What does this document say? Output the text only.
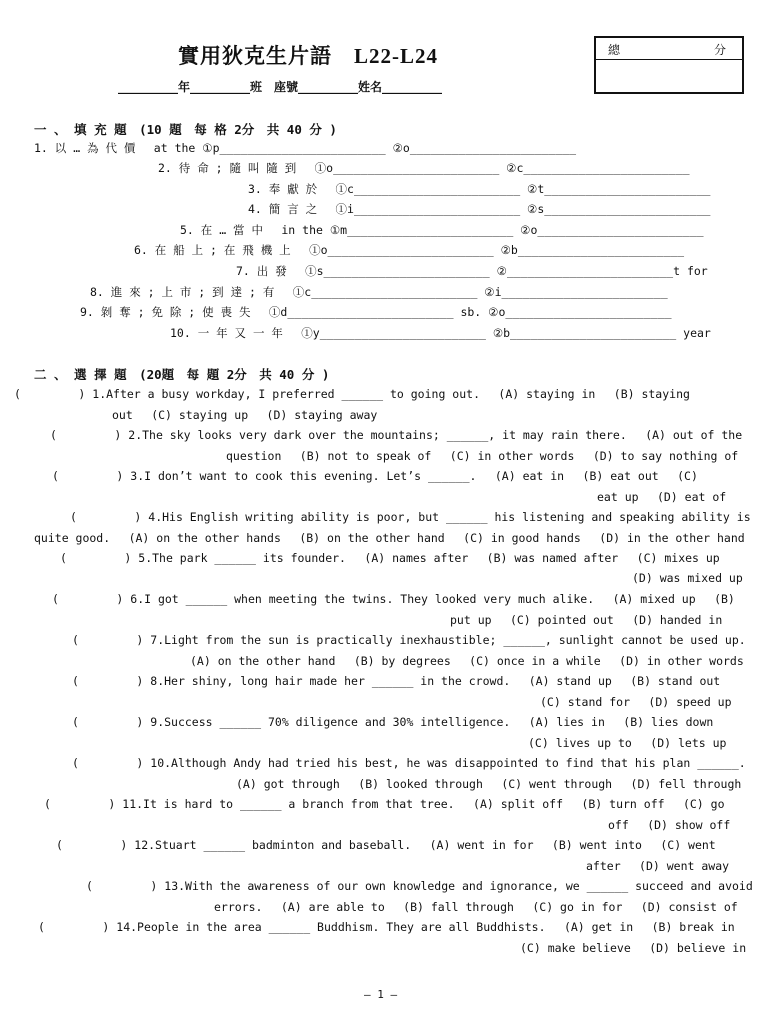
實用狄克生片語　L22-L24
__________年__________班　座號__________姓名__________
總	分
一 、 填 充 題　(10 題　每 格 2分　共 40 分 )
1. 以 … 為 代 價　 at the ①p________________________ ②o________________________
2. 待 命 ; 隨 叫 隨 到　 ①o________________________ ②c________________________
3. 奉 獻 於　 ①c________________________ ②t________________________
4. 簡 言 之　 ①i________________________ ②s________________________
5. 在 … 當 中　 in the ①m________________________ ②o________________________
6. 在 船 上 ; 在 飛 機 上　 ①o________________________ ②b________________________
7. 出 發　 ①s________________________ ②________________________t for
8. 進 來 ; 上 市 ; 到 達 ; 有　 ①c________________________ ②i________________________
9. 剝 奪 ; 免 除 ; 使 喪 失　 ①d________________________ sb. ②o________________________
10. 一 年 又 一 年　 ①y________________________ ②b________________________ year
二 、 選 擇 題　(20題　每 題 2分　共 40 分 )
(　　　　　) 1.After a busy workday, I preferred ______ to going out.　 (A) staying in　 (B) staying
out　 (C) staying up　 (D) staying away
(　　　　　) 2.The sky looks very dark over the mountains; ______, it may rain there.　 (A) out of the
question　 (B) not to speak of　 (C) in other words　 (D) to say nothing of
(　　　　　) 3.I don’t want to cook this evening. Let’s ______.　 (A) eat in　 (B) eat out　 (C)
eat up　 (D) eat of
(　　　　　) 4.His English writing ability is poor, but ______ his listening and speaking ability is
quite good.　 (A) on the other hands　 (B) on the other hand　 (C) in good hands　 (D) in the other hand
(　　　　　) 5.The park ______ its founder.　 (A) names after　 (B) was named after　 (C) mixes up
(D) was mixed up
(　　　　　) 6.I got ______ when meeting the twins. They looked very much alike.　 (A) mixed up　 (B)
put up　 (C) pointed out　 (D) handed in
(　　　　　) 7.Light from the sun is practically inexhaustible; ______, sunlight cannot be used up.
(A) on the other hand　 (B) by degrees　 (C) once in a while　 (D) in other words
(　　　　　) 8.Her shiny, long hair made her ______ in the crowd.　 (A) stand up　 (B) stand out
(C) stand for　 (D) speed up
(　　　　　) 9.Success ______ 70% diligence and 30% intelligence.　 (A) lies in　 (B) lies down
(C) lives up to　 (D) lets up
(　　　　　) 10.Although Andy had tried his best, he was disappointed to find that his plan ______.
(A) got through　 (B) looked through　 (C) went through　 (D) fell through
(　　　　　) 11.It is hard to ______ a branch from that tree.　 (A) split off　 (B) turn off　 (C) go
off　 (D) show off
(　　　　　) 12.Stuart ______ badminton and baseball.　 (A) went in for　 (B) went into　 (C) went
after　 (D) went away
(　　　　　) 13.With the awareness of our own knowledge and ignorance, we ______ succeed and avoid
errors.　 (A) are able to　 (B) fall through　 (C) go in for　 (D) consist of
(　　　　　) 14.People in the area ______ Buddhism. They are all Buddhists.　 (A) get in　 (B) break in
(C) make believe　 (D) believe in
— 1 —
